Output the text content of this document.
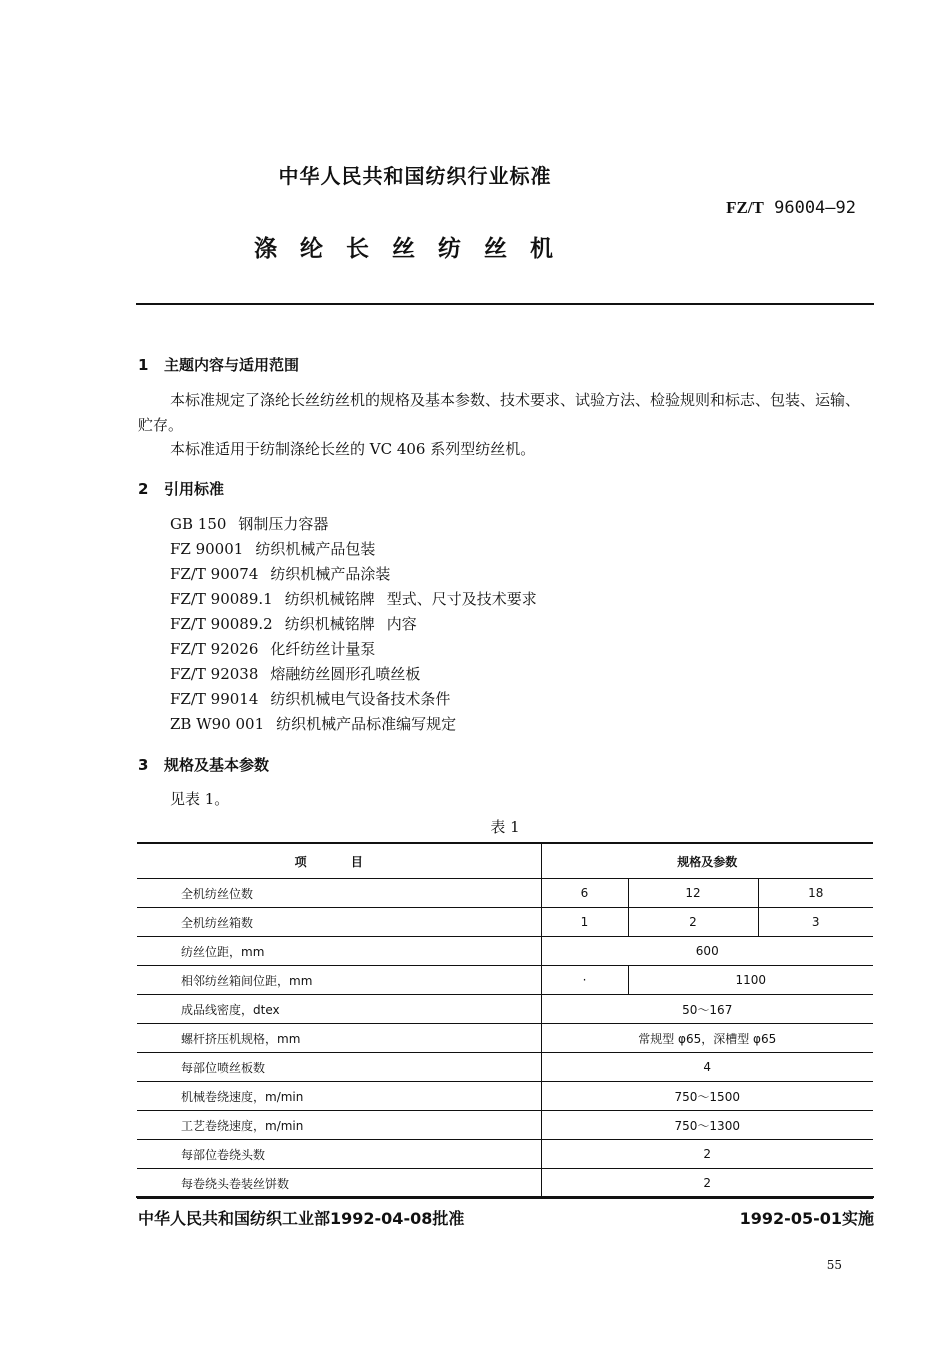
中华人民共和国纺织行业标准
FZ/T 96004—92
涤纶长丝纺丝机
1 主题内容与适用范围
本标准规定了涤纶长丝纺丝机的规格及基本参数、技术要求、试验方法、检验规则和标志、包装、运输、贮存。
本标准适用于纺制涤纶长丝的 VC 406 系列型纺丝机。
2 引用标准
GB 150 钢制压力容器
FZ 90001 纺织机械产品包装
FZ/T 90074 纺织机械产品涂装
FZ/T 90089.1 纺织机械铭牌 型式、尺寸及技术要求
FZ/T 90089.2 纺织机械铭牌 内容
FZ/T 92026 化纤纺丝计量泵
FZ/T 92038 熔融纺丝圆形孔喷丝板
FZ/T 99014 纺织机械电气设备技术条件
ZB W90 001 纺织机械产品标准编写规定
3 规格及基本参数
见表 1。
表 1
项 目	规格及参数		
全机纺丝位数	6	12	18
全机纺丝箱数	1	2	3
纺丝位距，mm	600		
相邻纺丝箱间位距，mm	·	1100	
成品线密度，dtex	50～167		
螺杆挤压机规格，mm	常规型 φ65，深槽型 φ65		
每部位喷丝板数	4		
机械卷绕速度，m/min	750～1500		
工艺卷绕速度，m/min	750～1300		
每部位卷绕头数	2		
每卷绕头卷装丝饼数	2		
中华人民共和国纺织工业部1992-04-08批准	1992-05-01实施
55
